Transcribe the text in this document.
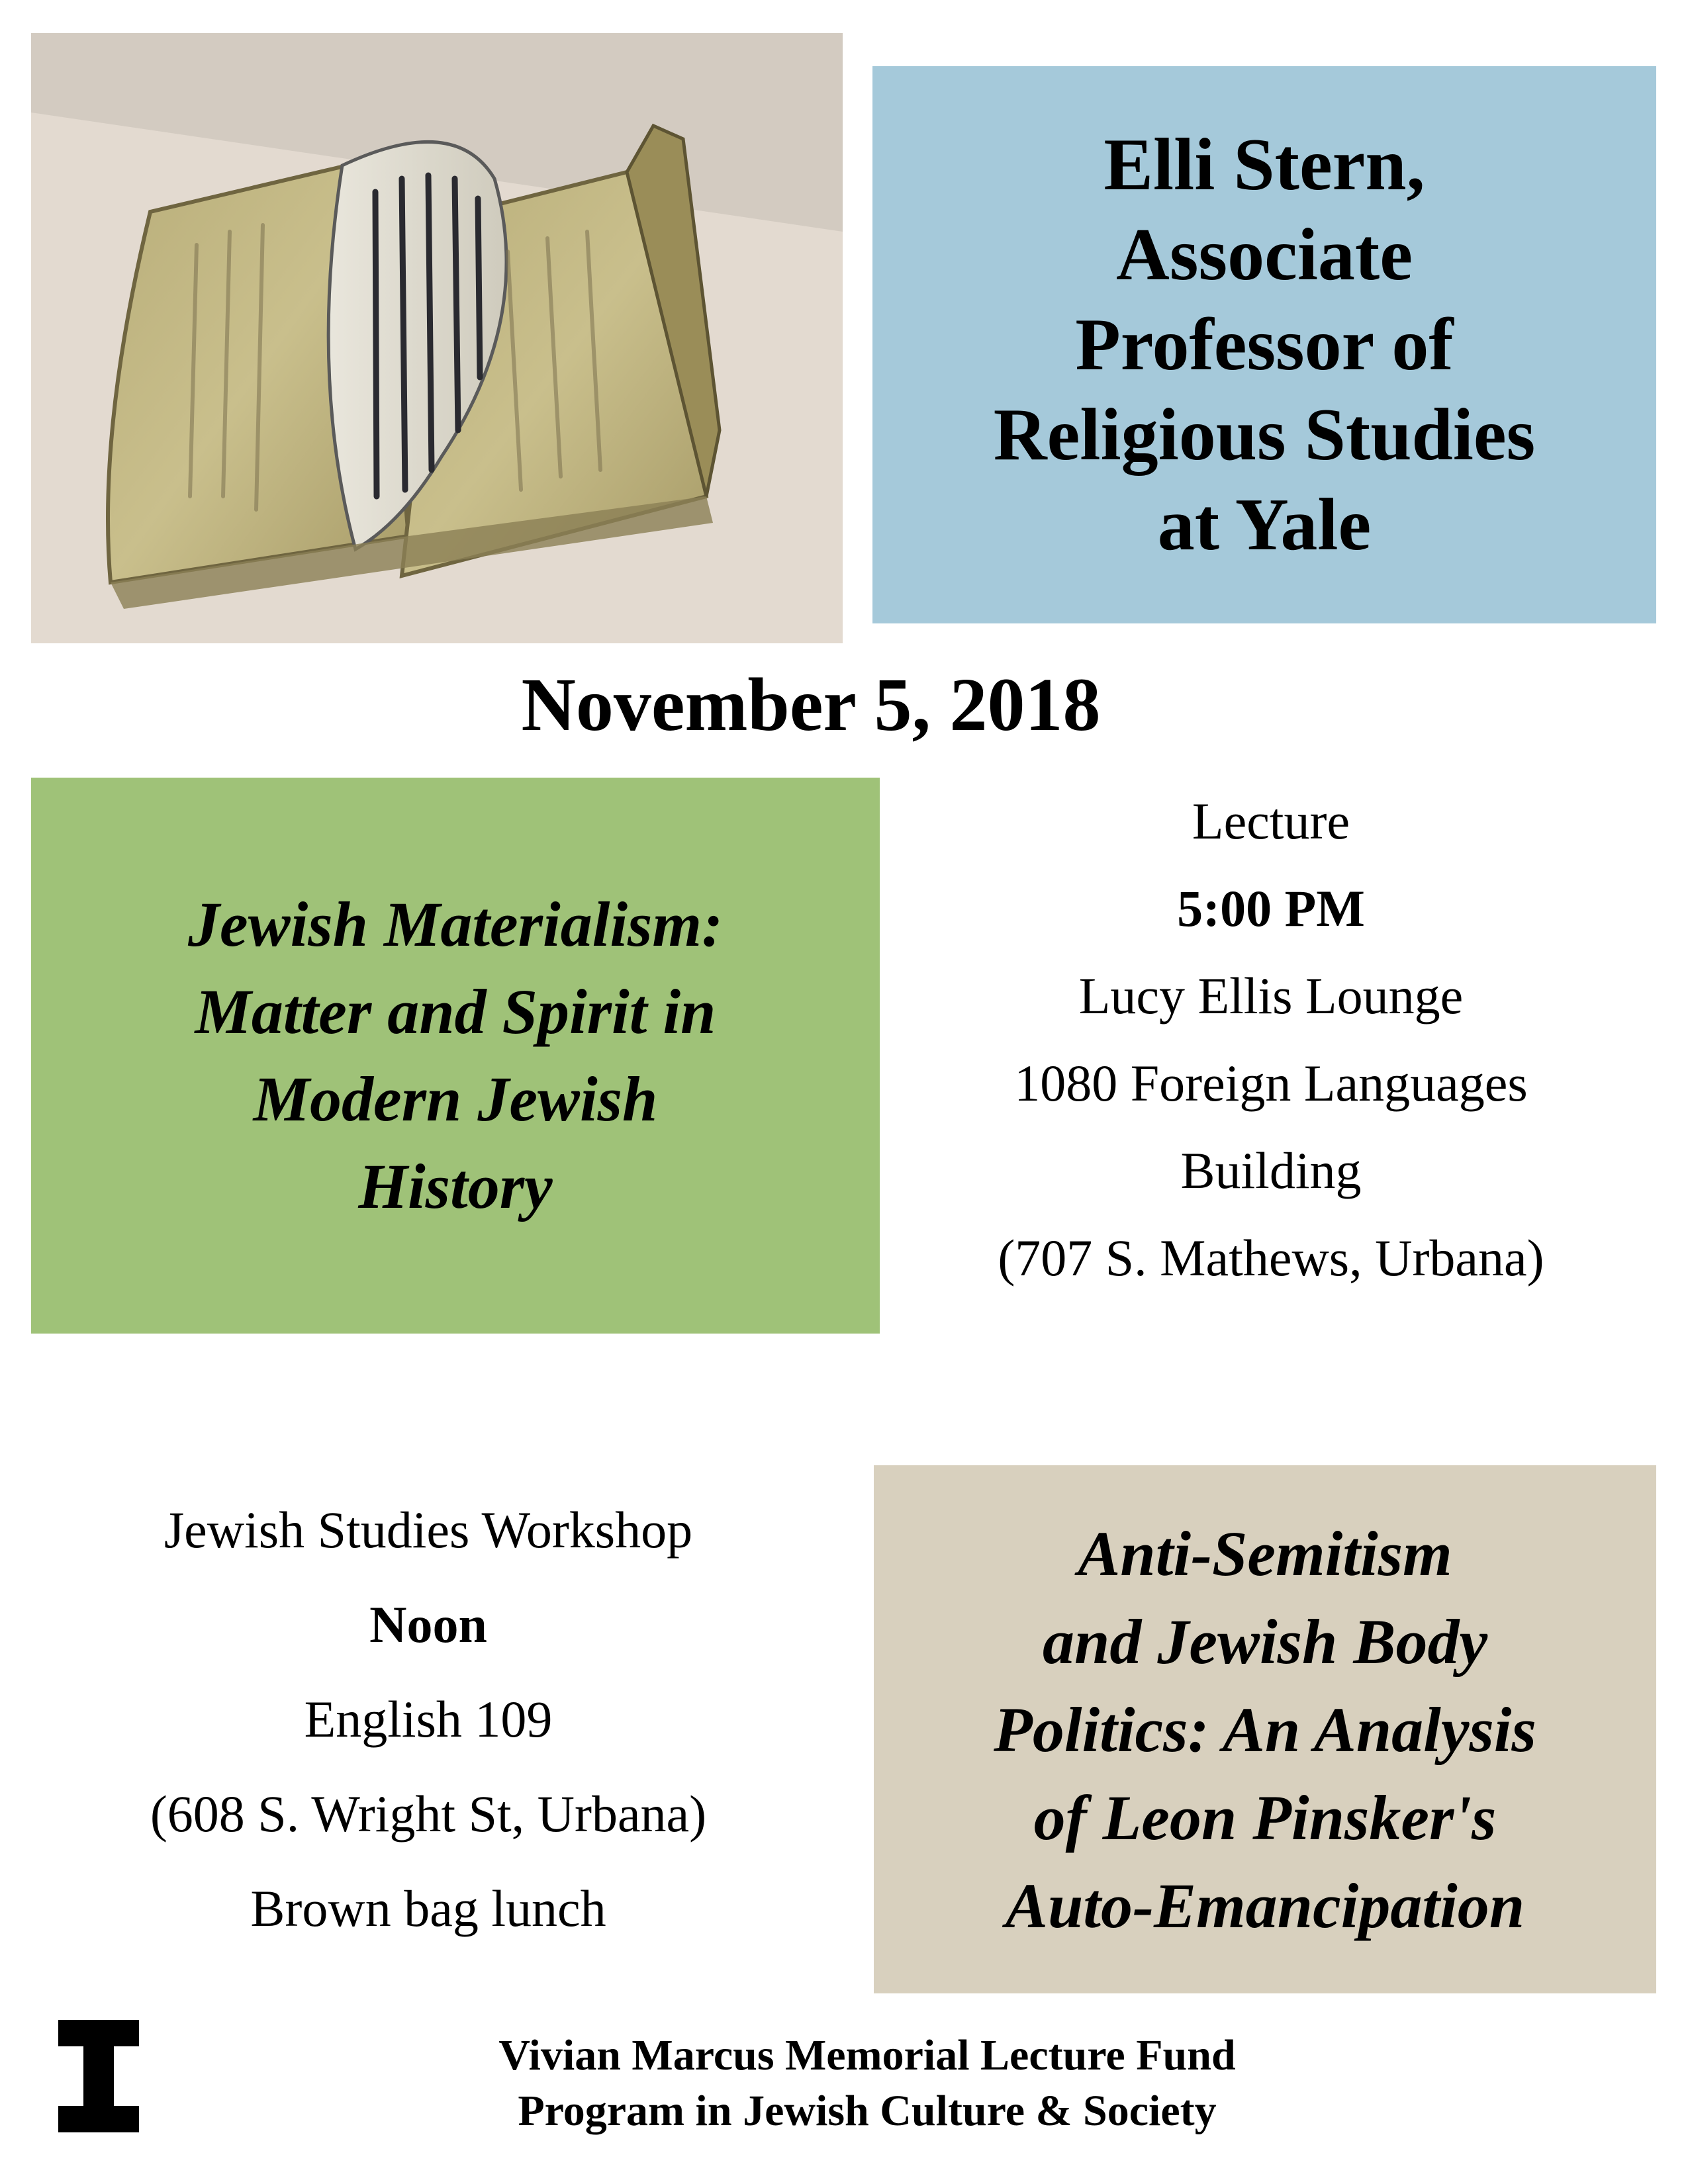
Elli Stern,
Associate
Professor of
Religious Studies
at Yale
November 5, 2018
Jewish Materialism:
Matter and Spirit in
Modern Jewish
History
Lecture
5:00 PM
Lucy Ellis Lounge
1080 Foreign Languages
Building
(707 S. Mathews, Urbana)
Jewish Studies Workshop
Noon
English 109
(608 S. Wright St, Urbana)
Brown bag lunch
Anti-Semitism
and Jewish Body
Politics: An Analysis
of Leon Pinsker's
Auto-Emancipation
Vivian Marcus Memorial Lecture Fund
Program in Jewish Culture & Society
